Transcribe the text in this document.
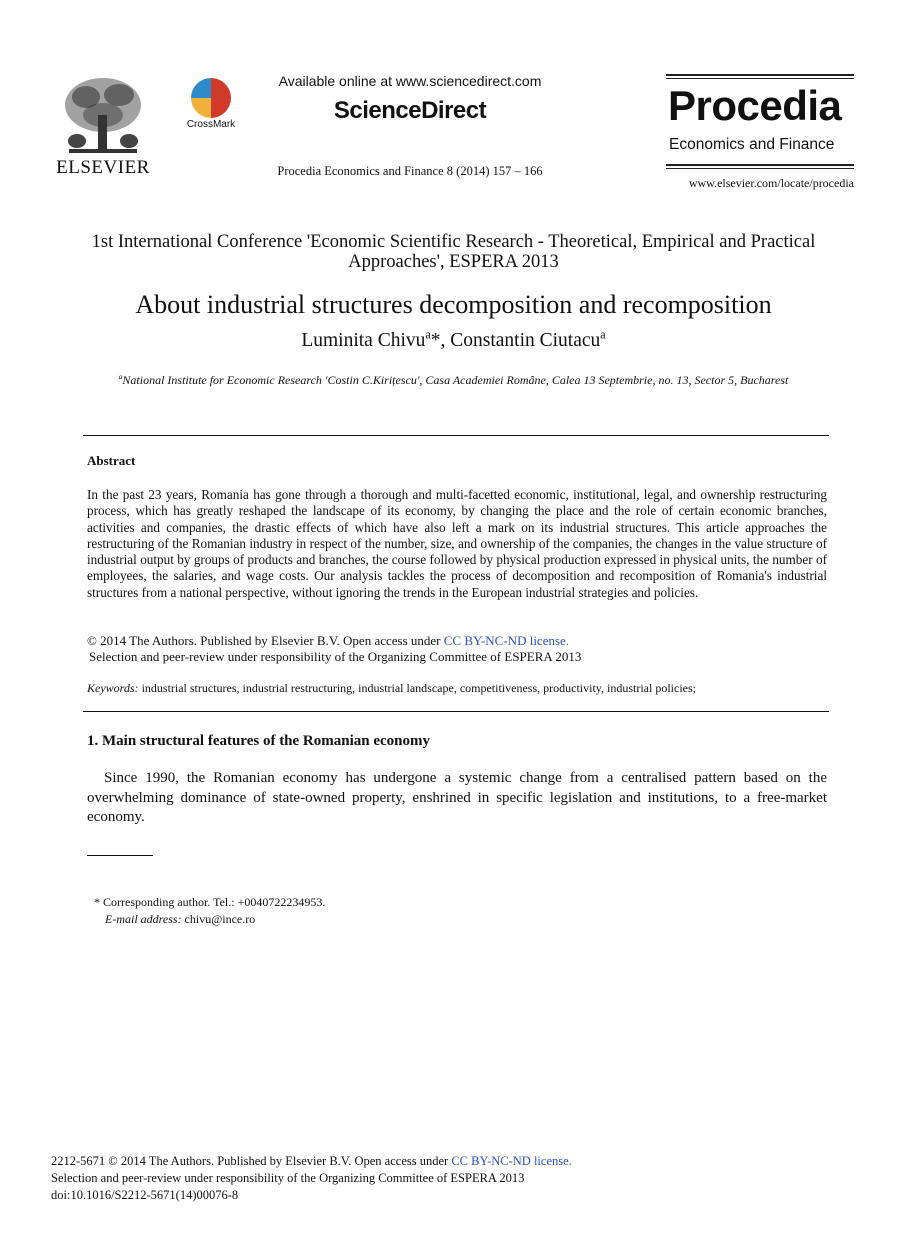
ELSEVIER
CrossMark
Available online at www.sciencedirect.com
ScienceDirect
Procedia Economics and Finance 8 (2014) 157 – 166
Procedia
Economics and Finance
www.elsevier.com/locate/procedia
1st International Conference 'Economic Scientific Research - Theoretical, Empirical and Practical Approaches', ESPERA 2013
About industrial structures decomposition and recomposition
Luminita Chivu$^a$*, Constantin Ciutacu$^a$
$^a$National Institute for Economic Research 'Costin C.Kirițescu', Casa Academiei Române, Calea 13 Septembrie, no. 13, Sector 5, Bucharest
Abstract
In the past 23 years, Romania has gone through a thorough and multi-facetted economic, institutional, legal, and ownership restructuring process, which has greatly reshaped the landscape of its economy, by changing the place and the role of certain economic branches, activities and companies, the drastic effects of which have also left a mark on its industrial structures. This article approaches the restructuring of the Romanian industry in respect of the number, size, and ownership of the companies, the changes in the value structure of industrial output by groups of products and branches, the course followed by physical production expressed in physical units, the number of employees, the salaries, and wage costs. Our analysis tackles the process of decomposition and recomposition of Romania's industrial structures from a national perspective, without ignoring the trends in the European industrial strategies and policies.
© 2014 The Authors. Published by Elsevier B.V. Open access under CC BY-NC-ND license.
Selection and peer-review under responsibility of the Organizing Committee of ESPERA 2013
Keywords: industrial structures, industrial restructuring, industrial landscape, competitiveness, productivity, industrial policies;
1. Main structural features of the Romanian economy
Since 1990, the Romanian economy has undergone a systemic change from a centralised pattern based on the overwhelming dominance of state-owned property, enshrined in specific legislation and institutions, to a free-market economy.
* Corresponding author. Tel.: +0040722234953.
E-mail address: chivu@ince.ro
2212-5671 © 2014 The Authors. Published by Elsevier B.V. Open access under CC BY-NC-ND license.
Selection and peer-review under responsibility of the Organizing Committee of ESPERA 2013
doi:10.1016/S2212-5671(14)00076-8
